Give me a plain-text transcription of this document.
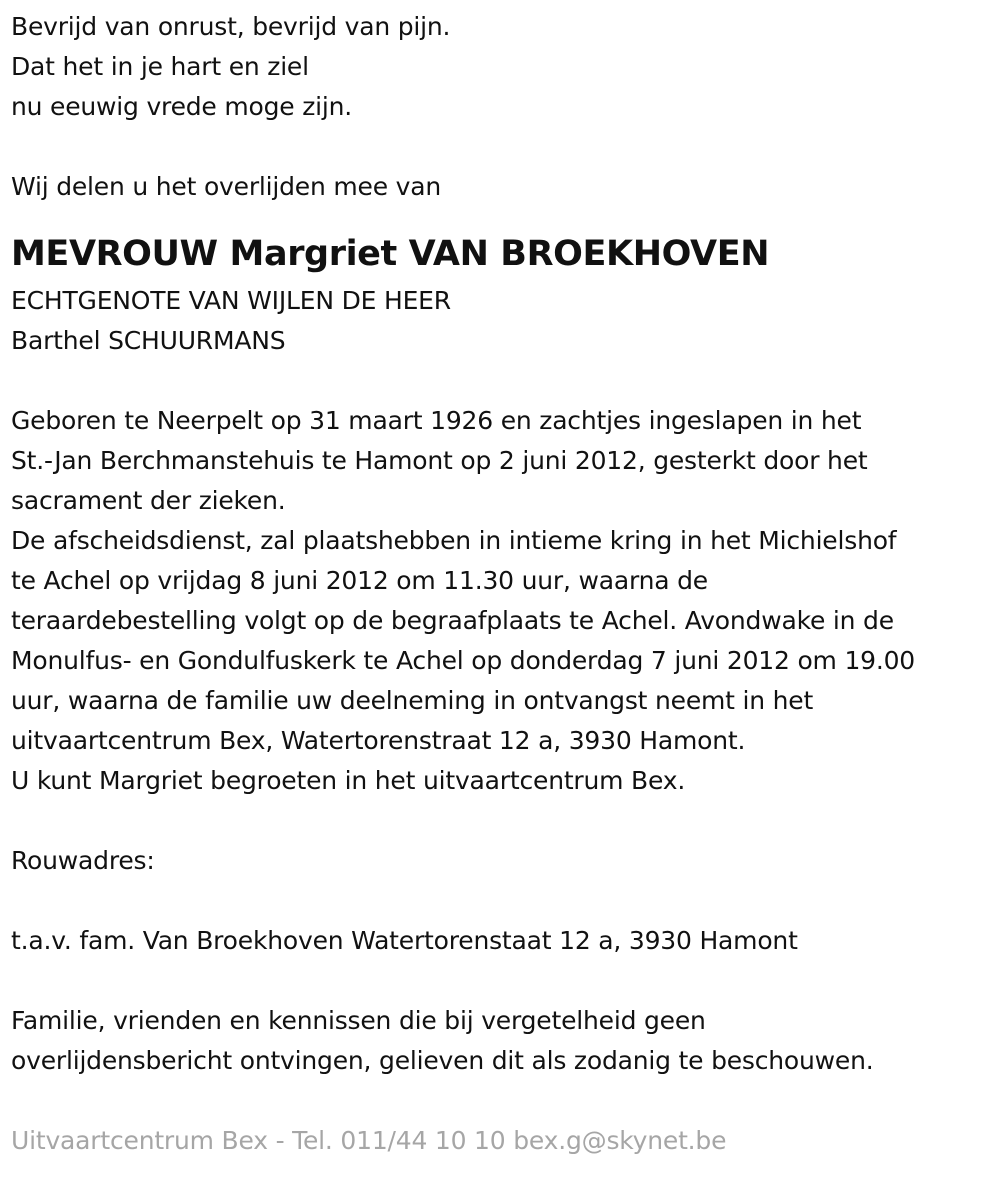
Bevrijd van onrust, bevrijd van pijn.
Dat het in je hart en ziel
nu eeuwig vrede moge zijn.
Wij delen u het overlijden mee van
MEVROUW Margriet VAN BROEKHOVEN
ECHTGENOTE VAN WIJLEN DE HEER
Barthel SCHUURMANS
Geboren te Neerpelt op 31 maart 1926 en zachtjes ingeslapen in het
St.-Jan Berchmanstehuis te Hamont op 2 juni 2012, gesterkt door het
sacrament der zieken.
De afscheidsdienst, zal plaatshebben in intieme kring in het Michielshof
te Achel op vrijdag 8 juni 2012 om 11.30 uur, waarna de
teraardebestelling volgt op de begraafplaats te Achel. Avondwake in de
Monulfus- en Gondulfuskerk te Achel op donderdag 7 juni 2012 om 19.00
uur, waarna de familie uw deelneming in ontvangst neemt in het
uitvaartcentrum Bex, Watertorenstraat 12 a, 3930 Hamont.
U kunt Margriet begroeten in het uitvaartcentrum Bex.
Rouwadres:
t.a.v. fam. Van Broekhoven Watertorenstaat 12 a, 3930 Hamont
Familie, vrienden en kennissen die bij vergetelheid geen
overlijdensbericht ontvingen, gelieven dit als zodanig te beschouwen.
Uitvaartcentrum Bex - Tel. 011/44 10 10 bex.g@skynet.be
